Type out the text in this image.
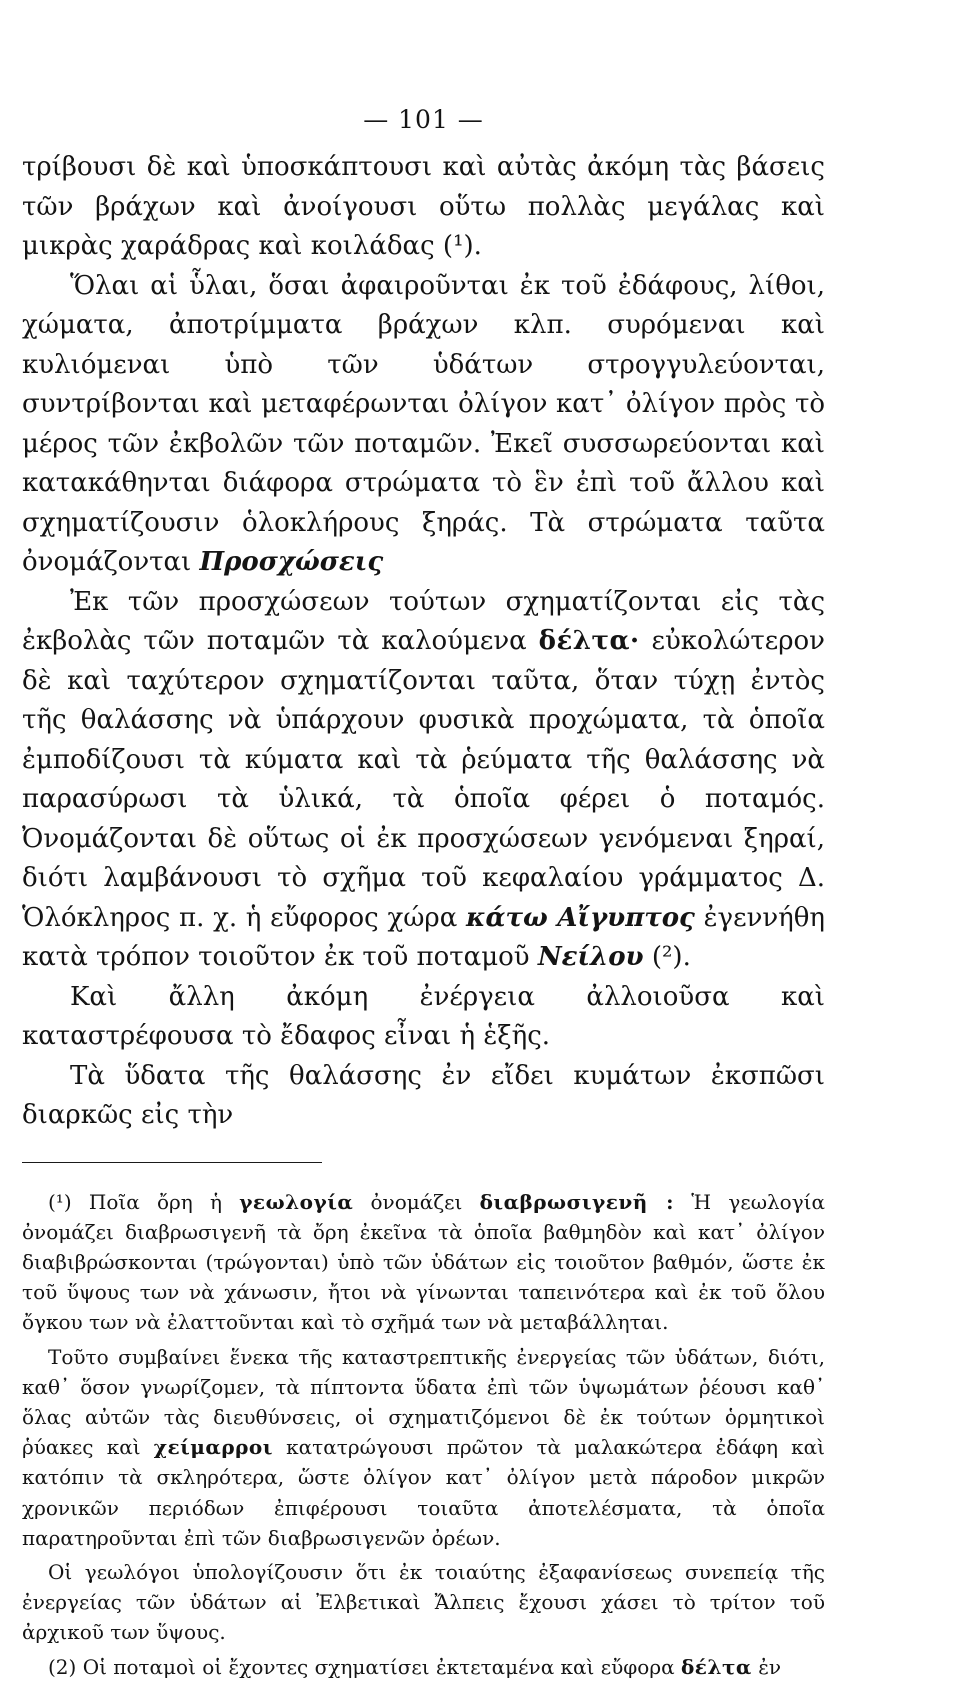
— 101 —

τρίβουσι δὲ καὶ ὑποσκάπτουσι καὶ αὐτὰς ἀκόμη τὰς βάσεις τῶν βράχων καὶ ἀνοίγουσι οὕτω πολλὰς μεγάλας καὶ μικρὰς χαράδρας καὶ κοιλάδας (¹).

Ὅλαι αἱ ὗλαι, ὅσαι ἀφαιροῦνται ἐκ τοῦ ἐδάφους, λίθοι, χώματα, ἀποτρίμματα βράχων κλπ. συρόμεναι καὶ κυλιόμεναι ὑπὸ τῶν ὑδάτων στρογγυλεύονται, συντρίβονται καὶ μεταφέρωνται ὀλίγον κατ᾽ ὀλίγον πρὸς τὸ μέρος τῶν ἐκβολῶν τῶν ποταμῶν. Ἐκεῖ συσσωρεύονται καὶ κατακάθηνται διάφορα στρώματα τὸ ἓν ἐπὶ τοῦ ἄλλου καὶ σχηματίζουσιν ὁλοκλήρους ξηράς. Τὰ στρώματα ταῦτα ὀνομάζονται Προσχώσεις

Ἐκ τῶν προσχώσεων τούτων σχηματίζονται εἰς τὰς ἐκβολὰς τῶν ποταμῶν τὰ καλούμενα δέλτα· εὐκολώτερον δὲ καὶ ταχύτερον σχηματίζονται ταῦτα, ὅταν τύχῃ ἐντὸς τῆς θαλάσσης νὰ ὑπάρχουν φυσικὰ προχώματα, τὰ ὁποῖα ἐμποδίζουσι τὰ κύματα καὶ τὰ ῥεύματα τῆς θαλάσσης νὰ παρασύρωσι τὰ ὑλικά, τὰ ὁποῖα φέρει ὁ ποταμός. Ὀνομάζονται δὲ οὕτως οἱ ἐκ προσχώσεων γενόμεναι ξηραί, διότι λαμβάνουσι τὸ σχῆμα τοῦ κεφαλαίου γράμματος Δ. Ὁλόκληρος π. χ. ἡ εὔφορος χώρα κάτω Αἴγυπτος ἐγεννήθη κατὰ τρόπον τοιοῦτον ἐκ τοῦ ποταμοῦ Νείλου (²).

Καὶ ἄλλη ἀκόμη ἐνέργεια ἀλλοιοῦσα καὶ καταστρέφουσα τὸ ἔδαφος εἶναι ἡ ἑξῆς.

Τὰ ὕδατα τῆς θαλάσσης ἐν εἴδει κυμάτων ἐκσπῶσι διαρκῶς εἰς τὴν

(¹) Ποῖα ὄρη ἡ γεωλογία ὀνομάζει διαβρωσιγενῆ : Ἡ γεωλογία ὀνομάζει διαβρωσιγενῆ τὰ ὄρη ἐκεῖνα τὰ ὁποῖα βαθμηδὸν καὶ κατ᾽ ὀλίγον διαβιβρώσκονται (τρώγονται) ὑπὸ τῶν ὑδάτων εἰς τοιοῦτον βαθμόν, ὥστε ἐκ τοῦ ὕψους των νὰ χάνωσιν, ἤτοι νὰ γίνωνται ταπεινότερα καὶ ἐκ τοῦ ὅλου ὄγκου των νὰ ἐλαττοῦνται καὶ τὸ σχῆμά των νὰ μεταβάλληται.

Τοῦτο συμβαίνει ἕνεκα τῆς καταστρεπτικῆς ἐνεργείας τῶν ὑδάτων, διότι, καθ᾽ ὅσον γνωρίζομεν, τὰ πίπτοντα ὕδατα ἐπὶ τῶν ὑψωμάτων ῥέουσι καθ᾽ ὅλας αὐτῶν τὰς διευθύνσεις, οἱ σχηματιζόμενοι δὲ ἐκ τούτων ὁρμητικοὶ ῥύακες καὶ χείμαρροι κατατρώγουσι πρῶτον τὰ μαλακώτερα ἐδάφη καὶ κατόπιν τὰ σκληρότερα, ὥστε ὀλίγον κατ᾽ ὀλίγον μετὰ πάροδον μικρῶν χρονικῶν περιόδων ἐπιφέρουσι τοιαῦτα ἀποτελέσματα, τὰ ὁποῖα παρατηροῦνται ἐπὶ τῶν διαβρωσιγενῶν ὀρέων.

Οἱ γεωλόγοι ὑπολογίζουσιν ὅτι ἐκ τοιαύτης ἐξαφανίσεως συνεπείᾳ τῆς ἐνεργείας τῶν ὑδάτων αἱ Ἐλβετικαὶ Ἄλπεις ἔχουσι χάσει τὸ τρίτον τοῦ ἀρχικοῦ των ὕψους.

(2) Οἱ ποταμοὶ οἱ ἔχοντες σχηματίσει ἐκτεταμένα καὶ εὔφορα δέλτα ἐν
